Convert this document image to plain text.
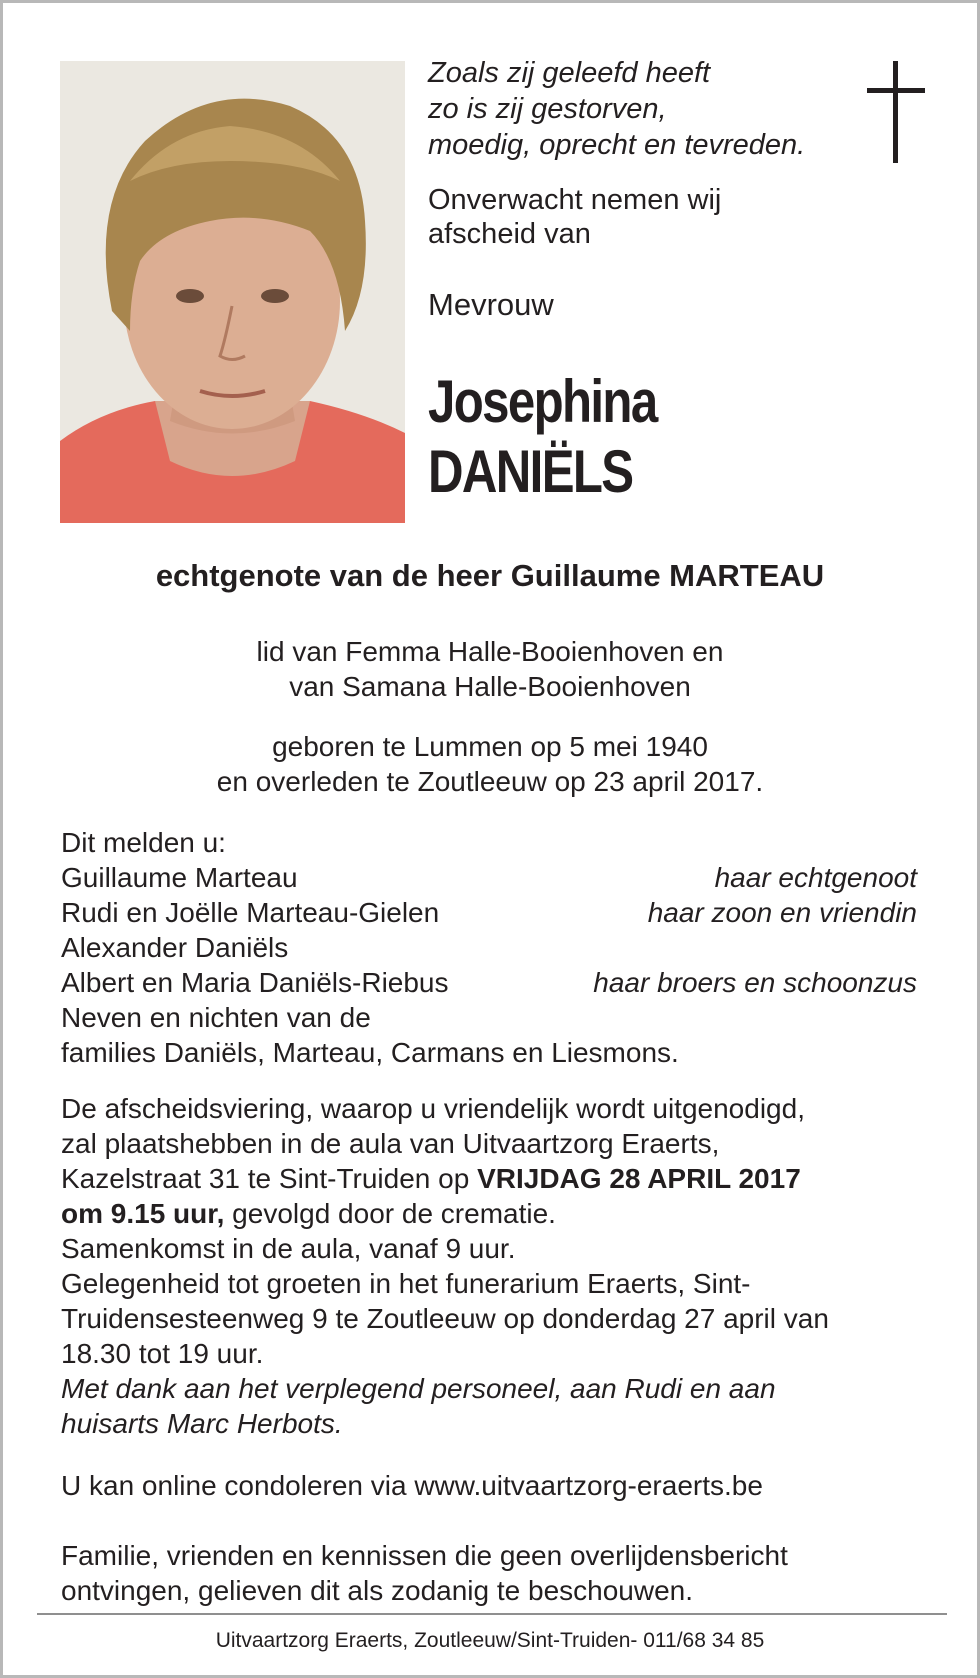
Zoals zij geleefd heeft
zo is zij gestorven,
moedig, oprecht en tevreden.
Onverwacht nemen wij
afscheid van
Mevrouw
Josephina
DANIËLS
echtgenote van de heer Guillaume MARTEAU
lid van Femma Halle-Booienhoven en
van Samana Halle-Booienhoven
geboren te Lummen op 5 mei 1940
en overleden te Zoutleeuw op 23 april 2017.
Dit melden u:
Guillaume Marteau	haar echtgenoot
Rudi en Joëlle Marteau-Gielen	haar zoon en vriendin
Alexander Daniëls
Albert en Maria Daniëls-Riebus	haar broers en schoonzus
Neven en nichten van de
families Daniëls, Marteau, Carmans en Liesmons.
De afscheidsviering, waarop u vriendelijk wordt uitgenodigd,
zal plaatshebben in de aula van Uitvaartzorg Eraerts,
Kazelstraat 31 te Sint-Truiden op VRIJDAG 28 APRIL 2017
om 9.15 uur, gevolgd door de crematie.
Samenkomst in de aula, vanaf 9 uur.
Gelegenheid tot groeten in het funerarium Eraerts, Sint-
Truidensesteenweg 9 te Zoutleeuw op donderdag 27 april van
18.30 tot 19 uur.
Met dank aan het verplegend personeel, aan Rudi en aan
huisarts Marc Herbots.
U kan online condoleren via www.uitvaartzorg-eraerts.be
Familie, vrienden en kennissen die geen overlijdensbericht
ontvingen, gelieven dit als zodanig te beschouwen.
Uitvaartzorg Eraerts, Zoutleeuw/Sint-Truiden- 011/68 34 85
